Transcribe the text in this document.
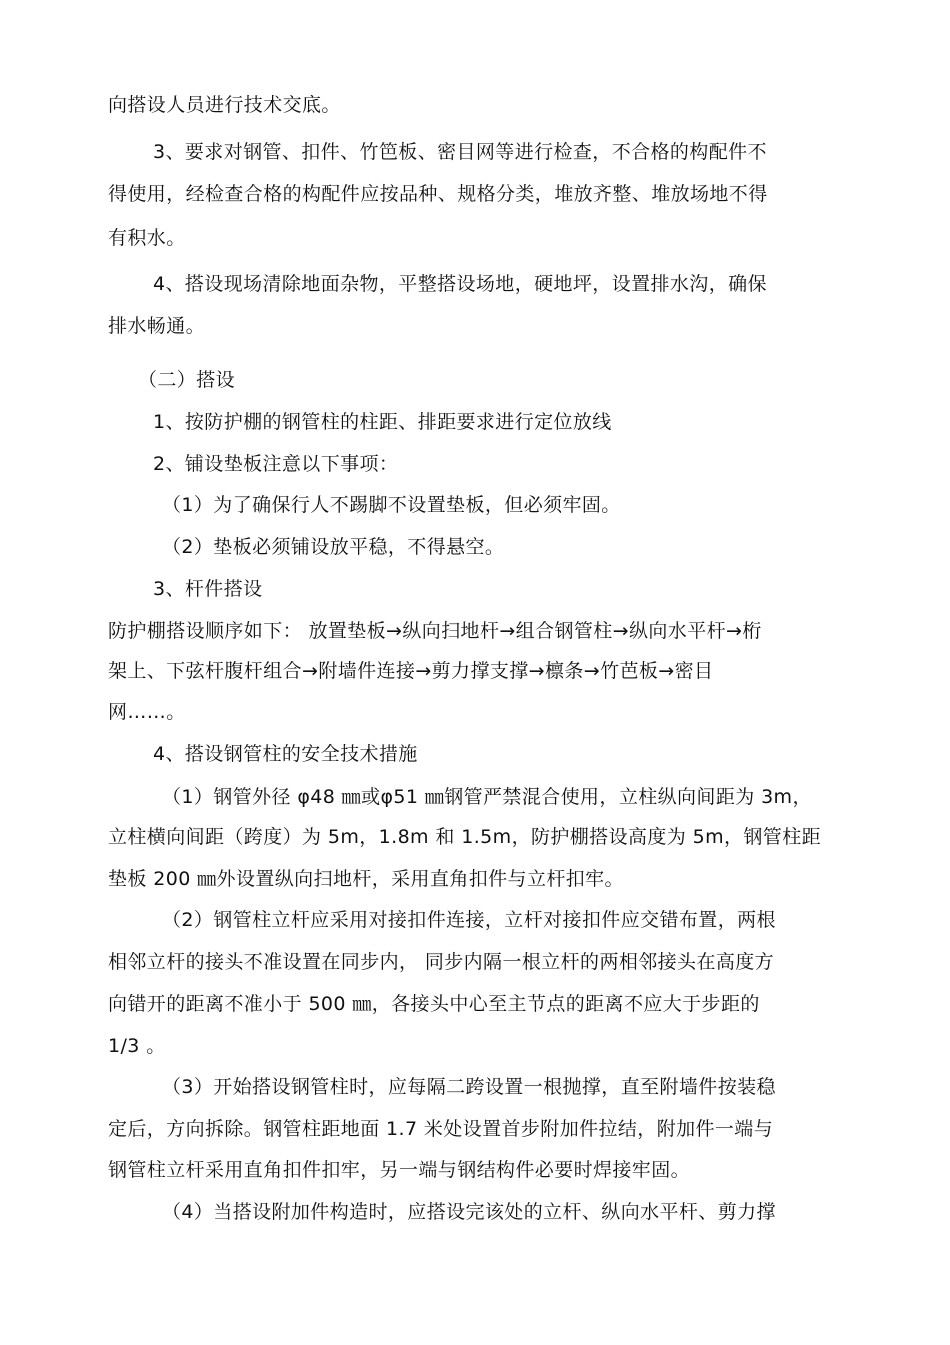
向搭设人员进行技术交底。
3、要求对钢管、扣件、竹笆板、密目网等进行检查，不合格的构配件不
得使用，经检查合格的构配件应按品种、规格分类，堆放齐整、堆放场地不得
有积水。
4、搭设现场清除地面杂物，平整搭设场地，硬地坪，设置排水沟，确保
排水畅通。
（二）搭设
1、按防护棚的钢管柱的柱距、排距要求进行定位放线
2、铺设垫板注意以下事项：
（1）为了确保行人不踢脚不设置垫板，但必须牢固。
（2）垫板必须铺设放平稳，不得悬空。
3、杆件搭设
防护棚搭设顺序如下： 放置垫板→纵向扫地杆→组合钢管柱→纵向水平杆→桁
架上、下弦杆腹杆组合→附墙件连接→剪力撑支撑→檩条→竹芭板→密目
网……。
4、搭设钢管柱的安全技术措施
（1）钢管外径 φ48 ㎜或φ51 ㎜钢管严禁混合使用，立柱纵向间距为 3m，
立柱横向间距（跨度）为 5m，1.8m 和 1.5m，防护棚搭设高度为 5m，钢管柱距
垫板 200 ㎜外设置纵向扫地杆，采用直角扣件与立杆扣牢。
（2）钢管柱立杆应采用对接扣件连接，立杆对接扣件应交错布置，两根
相邻立杆的接头不准设置在同步内， 同步内隔一根立杆的两相邻接头在高度方
向错开的距离不准小于 500 ㎜，各接头中心至主节点的距离不应大于步距的
1/3 。
（3）开始搭设钢管柱时，应每隔二跨设置一根抛撑，直至附墙件按装稳
定后，方向拆除。钢管柱距地面 1.7 米处设置首步附加件拉结，附加件一端与
钢管柱立杆采用直角扣件扣牢，另一端与钢结构件必要时焊接牢固。
（4）当搭设附加件构造时，应搭设完该处的立杆、纵向水平杆、剪力撑
